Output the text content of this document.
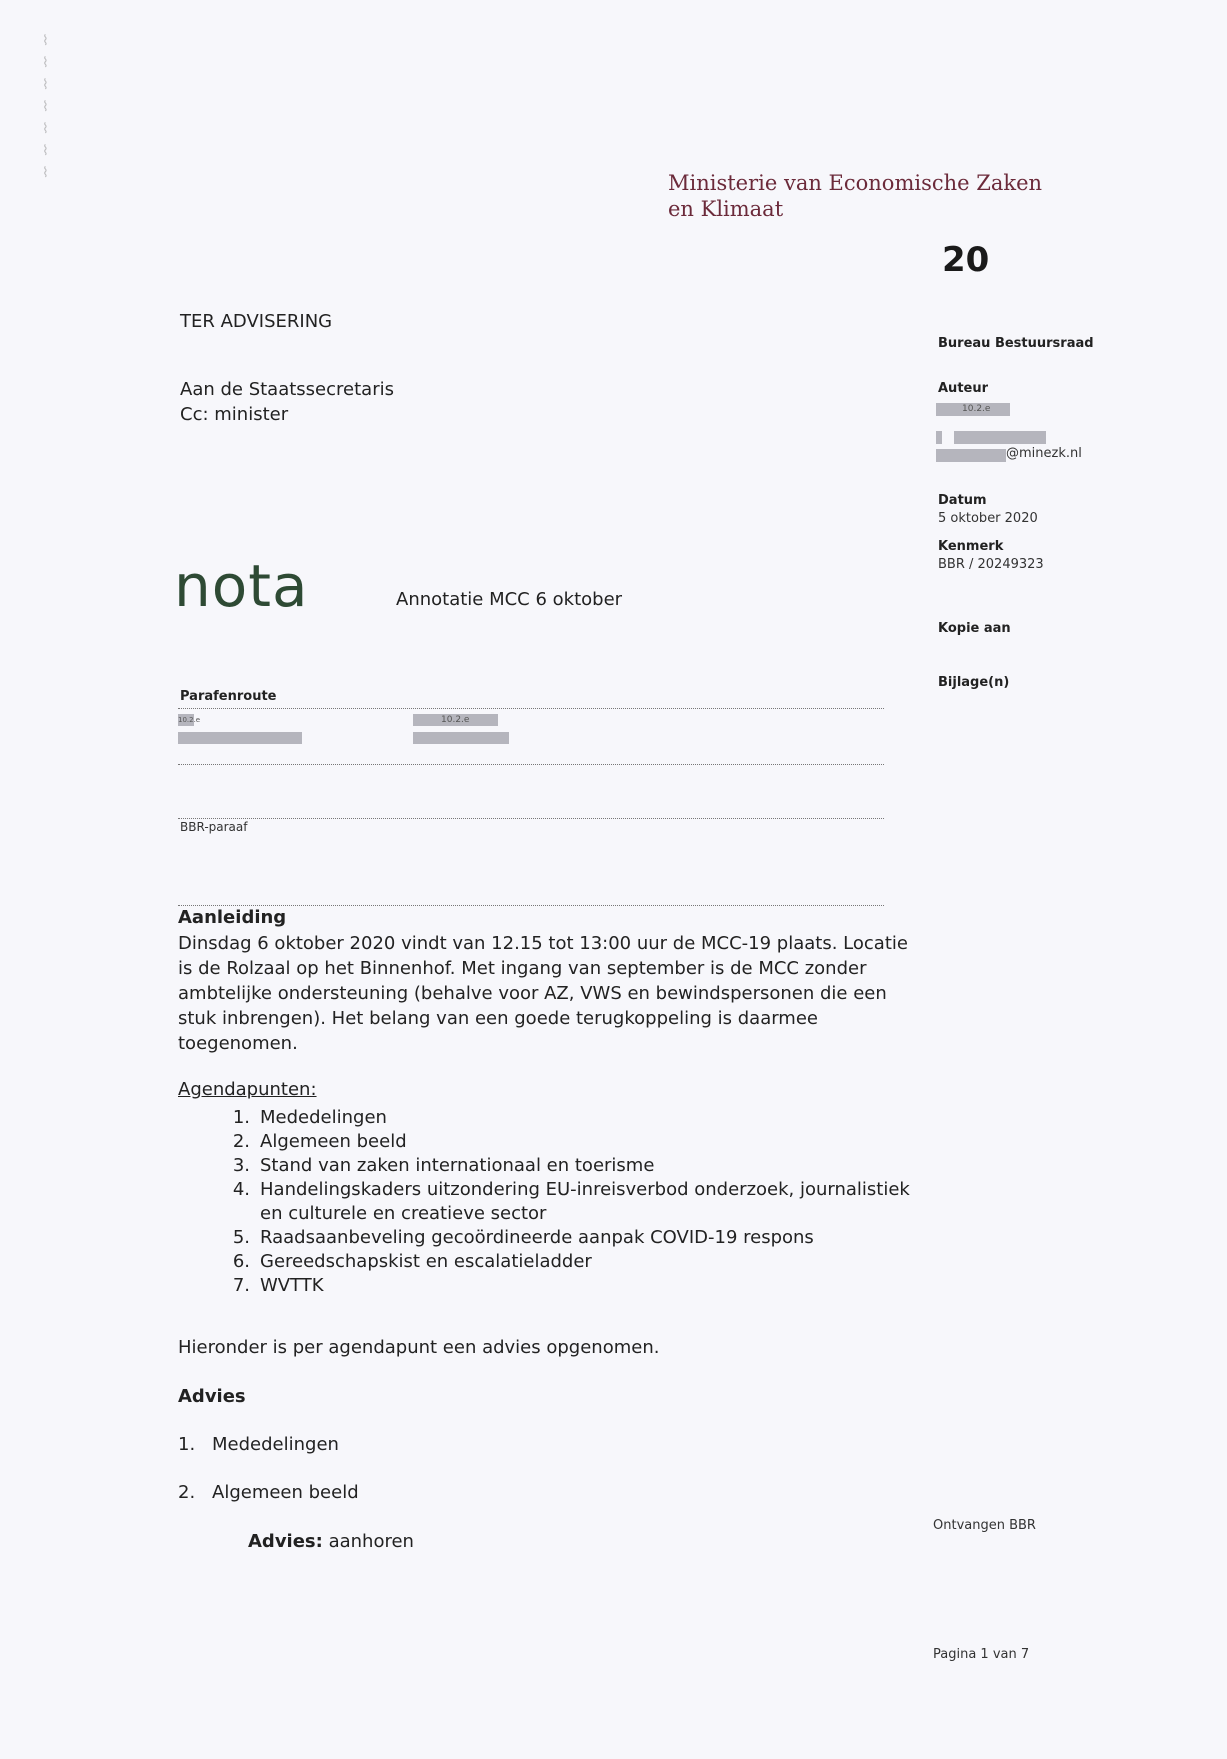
⌇
⌇
⌇
⌇
⌇
⌇
⌇	Ministerie van Economische Zaken
en Klimaat
20
TER ADVISERING
Aan de Staatssecretaris
Cc: minister
nota	Annotatie MCC 6 oktober
Bureau Bestuursraad
Auteur
10.2.e
@minezk.nl
Datum
5 oktober 2020
Kenmerk
BBR / 20249323
Kopie aan
Bijlage(n)
Parafenroute
10.2.e	10.2.e
BBR-paraaf
Aanleiding
Dinsdag 6 oktober 2020 vindt van 12.15 tot 13:00 uur de MCC-19 plaats. Locatie
is de Rolzaal op het Binnenhof. Met ingang van september is de MCC zonder
ambtelijke ondersteuning (behalve voor AZ, VWS en bewindspersonen die een
stuk inbrengen). Het belang van een goede terugkoppeling is daarmee
toegenomen.
Agendapunten:
1. Mededelingen
2. Algemeen beeld
3. Stand van zaken internationaal en toerisme
4. Handelingskaders uitzondering EU-inreisverbod onderzoek, journalistiek
en culturele en creatieve sector
5. Raadsaanbeveling gecoördineerde aanpak COVID-19 respons
6. Gereedschapskist en escalatieladder
7. WVTTK
Hieronder is per agendapunt een advies opgenomen.
Advies
1. Mededelingen
2. Algemeen beeld
Advies: aanhoren
Ontvangen BBR
Pagina 1 van 7
